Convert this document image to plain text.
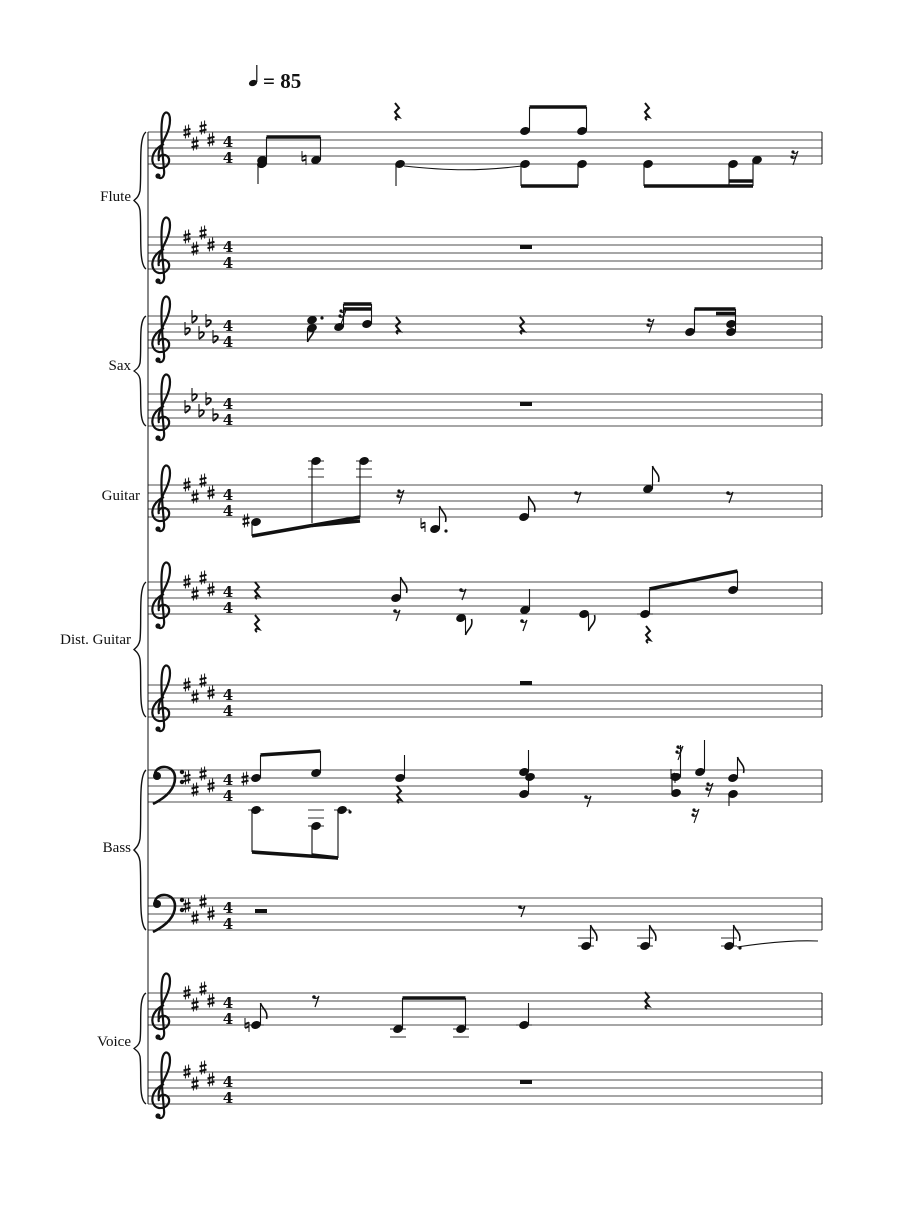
= 85
4
4
4
4
4
4
4
4
4
4
4
4
4
4
4
4
4
4
4
4
4
4
Flute
Sax
Guitar
Dist. Guitar
Bass
Voice
